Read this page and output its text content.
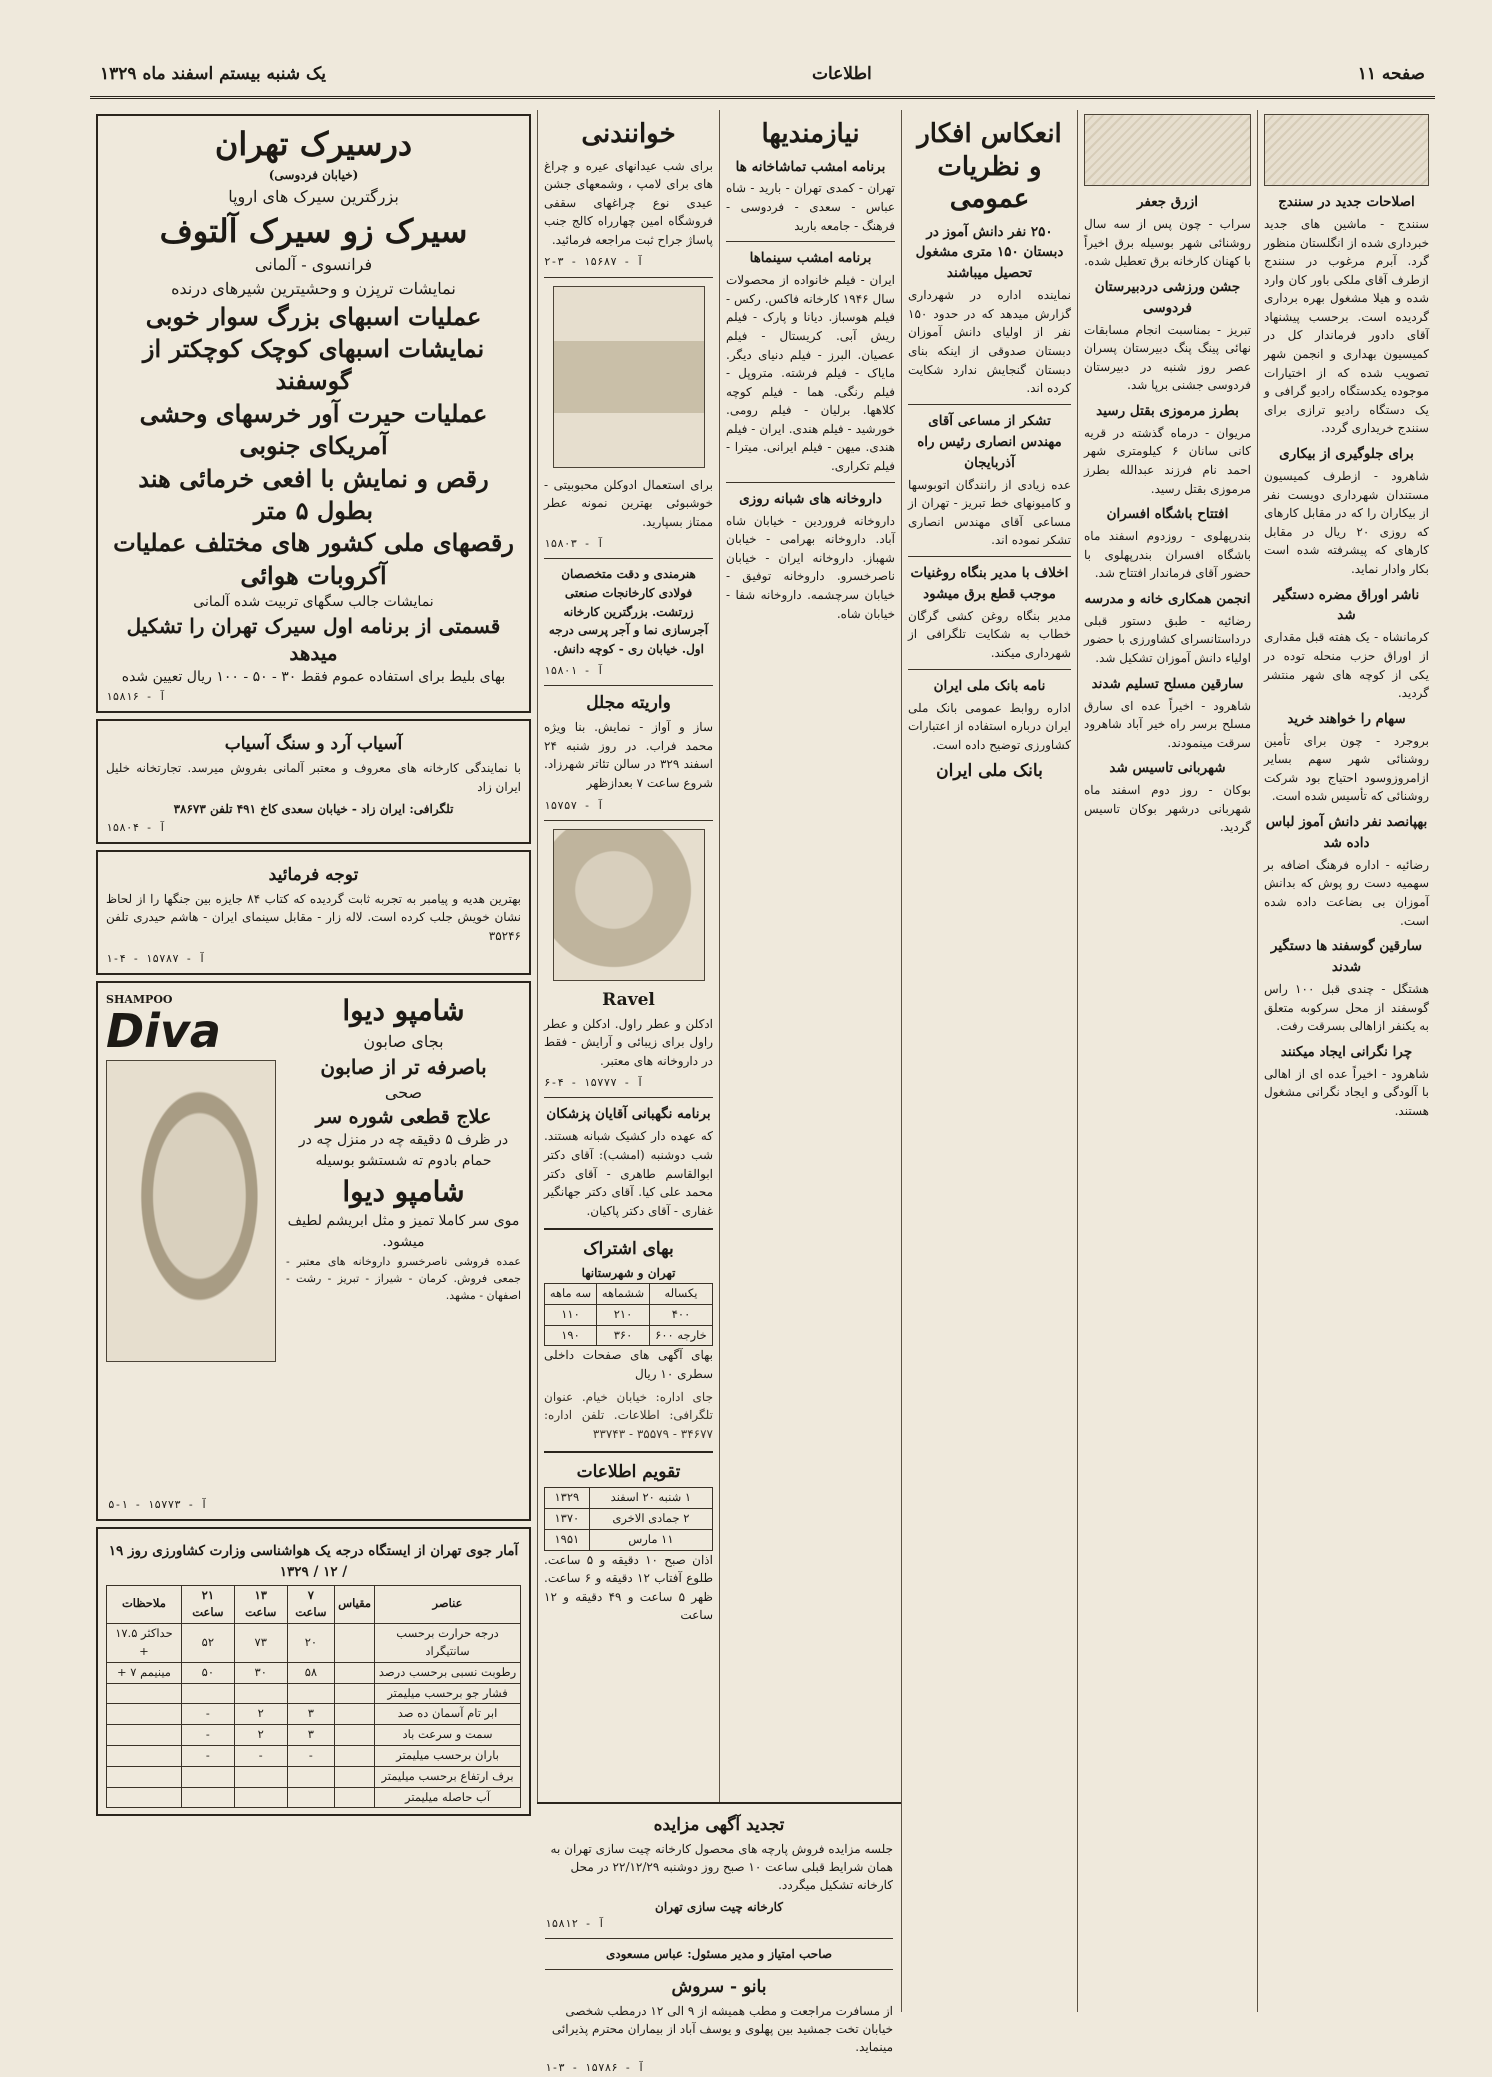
صفحه ۱۱
اطلاعات
یک شنبه بیستم اسفند ماه ۱۳۲۹
اصلاحات جدید در سنندج

سنندج - ماشین های جدید خبرداری شده از انگلستان منظور گرد. آبرم مرغوب در سنندج ازطرف آقای ملکی باور کان وارد شده و هیلا مشغول بهره برداری گردیده است. برحسب پیشنهاد آقای دادور فرماندار کل در کمیسیون بهداری و انجمن شهر تصویب شده که از اختیارات موجوده یکدستگاه رادیو گرافی و یک دستگاه رادیو ترازی برای سنندج خریداری گردد.

برای جلوگیری از بیکاری

شاهرود - ازطرف کمیسیون مستندان شهرداری دویست نفر از بیکاران را که در مقابل کارهای که روزی ۲۰ ریال در مقابل کارهای که پیشرفته شده است بکار وادار نماید.

ناشر اوراق مضره دستگیر شد

کرمانشاه - یک هفته قبل مقداری از اوراق حزب منحله توده در یکی از کوچه های شهر منتشر گردید.

سهام را خواهند خرید

بروجرد - چون برای تأمین روشنائی شهر سهم بسایر ازامروزوسود احتیاج بود شرکت روشنائی که تأسیس شده است.

بهپانصد نفر دانش آموز لباس داده شد

رضائیه - اداره فرهنگ اضافه بر سهمیه دست رو پوش که بدانش آموزان بی بضاعت داده شده است.

سارقین گوسفند ها دستگیر شدند

هشتگل - چندی قبل ۱۰۰ راس گوسفند از محل سرکوبه متعلق به یکنفر ازاهالی بسرقت رفت.

چرا نگرانی ایجاد میکنند

شاهرود - اخیراً عده ای از اهالی با آلودگی و ایجاد نگرانی مشغول هستند.

ازرق جعفر

سراب - چون پس از سه سال روشنائی شهر بوسیله برق اخیراً با کهنان کارخانه برق تعطیل شده.

جشن ورزشی دردبیرستان فردوسی

تبریز - بمناسبت انجام مسابقات نهائی پینگ پنگ دبیرستان پسران عصر روز شنبه در دبیرستان فردوسی جشنی برپا شد.

بطرز مرموزی بقتل رسید

مریوان - درماه گذشته در قریه کانی سانان ۶ کیلومتری شهر احمد نام فرزند عبدالله بطرز مرموزی بقتل رسید.

افتتاح باشگاه افسران

بندرپهلوی - روزدوم اسفند ماه باشگاه افسران بندرپهلوی با حضور آقای فرماندار افتتاح شد.

انجمن همکاری خانه و مدرسه

رضائیه - طبق دستور قبلی درداستانسرای کشاورزی با حضور اولیاء دانش آموزان تشکیل شد.

سارقین مسلح تسلیم شدند

شاهرود - اخیراً عده ای سارق مسلح برسر راه خیر آباد شاهرود سرقت مینمودند.

شهربانی تاسیس شد

بوکان - روز دوم اسفند ماه شهربانی درشهر بوکان تاسیس گردید.

انعکاس افکار و نظریات عمومی
۲۵۰ نفر دانش آموز در دبستان ۱۵۰ متری مشغول تحصیل میباشند

نماینده اداره در شهرداری گزارش میدهد که در حدود ۱۵۰ نفر از اولیای دانش آموزان دبستان صدوقی از اینکه بنای دبستان گنجایش ندارد شکایت کرده اند.

تشکر از مساعی آقای مهندس انصاری رئیس راه آذربایجان

عده زیادی از رانندگان اتوبوسها و کامیونهای خط تبریز - تهران از مساعی آقای مهندس انصاری تشکر نموده اند.

اخلاف با مدیر بنگاه روغنیات موجب قطع برق میشود

مدیر بنگاه روغن کشی گرگان خطاب به شکایت تلگرافی از شهرداری میکند.

نامه بانک ملی ایران

اداره روابط عمومی بانک ملی ایران درباره استفاده از اعتبارات کشاورزی توضیح داده است.

بانک ملی ایران
نیازمندیها
برنامه امشب تماشاخانه ها

تهران - کمدی تهران - بارید - شاه عباس - سعدی - فردوسی - فرهنگ - جامعه باربد

برنامه امشب سینماها

ایران - فیلم خانواده از محصولات سال ۱۹۴۶ کارخانه فاکس. رکس - فیلم هوسباز. دیانا و پارک - فیلم ریش آبی. کریستال - فیلم عصیان. البرز - فیلم دنیای دیگر. مایاک - فیلم فرشته. متروپل - فیلم رنگی. هما - فیلم کوچه کلاهها. برلیان - فیلم رومی. خورشید - فیلم هندی. ایران - فیلم هندی. میهن - فیلم ایرانی. میترا - فیلم تکراری.

داروخانه های شبانه روزی

داروخانه فروردین - خیابان شاه آباد. داروخانه بهرامی - خیابان شهباز. داروخانه ایران - خیابان ناصرخسرو. داروخانه توفیق - خیابان سرچشمه. داروخانه شفا - خیابان شاه.

خوانندنی

برای شب عیدانهای عیره و چراغ های برای لامپ ، وشمعهای جشن عیدی نوع چراغهای سقفی فروشگاه امین چهارراه کالج جنب پاساژ جراح ثبت مراجعه فرمائید.

آ - ۱۵۶۸۷ - ۳-۲

برای استعمال ادوکلن محبوبیتی - خوشبوئی بهترین نمونه عطر ممتاز بسپارید.

آ - ۱۵۸۰۳

هنرمندی و دقت متخصصان فولادی کارخانجات صنعتی زرتشت. بزرگترین کارخانه آجرسازی نما و آجر پرسی درجه اول. خیابان ری - کوچه دانش.

آ - ۱۵۸۰۱
واریته مجلل

ساز و آواز - نمایش. بنا ویژه محمد فراب. در روز شنبه ۲۴ اسفند ۳۲۹ در سالن تئاتر شهرزاد. شروع ساعت ۷ بعدازظهر

آ - ۱۵۷۵۷
Ravel

ادکلن و عطر راول. ادکلن و عطر راول برای زیبائی و آرایش - فقط در داروخانه های معتبر.

آ - ۱۵۷۷۷ - ۴-۶
برنامه نگهبانی آقایان پزشکان

که عهده دار کشیک شبانه هستند. شب دوشنبه (امشب): آقای دکتر ابوالقاسم طاهری - آقای دکتر محمد علی کیا. آقای دکتر جهانگیر غفاری - آقای دکتر پاکیان.

بهای اشتراک
تهران و شهرستانها
یکساله	ششماهه	سه ماهه
۴۰۰	۲۱۰	۱۱۰
خارجه ۶۰۰	۳۶۰	۱۹۰

بهای آگهی های صفحات داخلی سطری ۱۰ ریال

جای اداره: خیابان خیام. عنوان تلگرافی: اطلاعات. تلفن اداره: ۳۴۶۷۷ - ۳۵۵۷۹ - ۳۳۷۴۳

تقویم اطلاعات
۱ شنبه ۲۰ اسفند	۱۳۲۹
۲ جمادی الاخری	۱۳۷۰
۱۱ مارس	۱۹۵۱

اذان صبح ۱۰ دقیقه و ۵ ساعت. طلوع آفتاب ۱۲ دقیقه و ۶ ساعت. ظهر ۵ ساعت و ۴۹ دقیقه و ۱۲ ساعت

درسیرک تهران
(خیابان فردوسی)
بزرگترین سیرک های اروپا
سیرک زو سیرک آلتوف
فرانسوی - آلمانی
نمایشات ترپزن و وحشیترین شیرهای درنده
عملیات اسبهای بزرگ سوار خوبی
نمایشات اسبهای کوچک کوچکتر از گوسفند
عملیات حیرت آور خرسهای وحشی
آمریکای جنوبی
رقص و نمایش با افعی خرمائی هند بطول ۵ متر
رقصهای ملی کشور های مختلف عملیات آکروبات هوائی
نمایشات جالب سگهای تربیت شده آلمانی
قسمتی از برنامه اول سیرک تهران را تشکیل میدهد
بهای بلیط برای استفاده عموم فقط ۳۰ - ۵۰ - ۱۰۰ ریال تعیین شده
آ - ۱۵۸۱۶
آسیاب آرد و سنگ آسیاب

با نمایندگی کارخانه های معروف و معتبر آلمانی بفروش میرسد. تجارتخانه خلیل ایران زاد

تلگرافی: ایران زاد - خیابان سعدی کاخ ۴۹۱ تلفن ۳۸۶۷۳
آ - ۱۵۸۰۴
توجه فرمائید

بهترین هدیه و پیامبر به تجربه ثابت گردیده که کتاب ۸۴ جایزه بین جنگها را از لحاظ نشان خویش جلب کرده است. لاله زار - مقابل سینمای ایران - هاشم حیدری تلفن ۳۵۲۴۶

آ - ۱۵۷۸۷ - ۴-۱
SHAMPOO
Diva	شامپو دیوا
بجای صابون
باصرفه تر از صابون
صحی
علاج قطعی شوره سر
در ظرف ۵ دقیقه چه در منزل چه در حمام بادوم ته شستشو بوسیله
شامپو دیوا
موی سر کاملا تمیز و مثل ابریشم لطیف میشود.

عمده فروشی ناصرخسرو داروخانه های معتبر - جمعی فروش. کرمان - شیراز - تبریز - رشت - اصفهان - مشهد.

آ - ۱۵۷۷۳ - ۱-۵
آمار جوی تهران از ایستگاه درجه یک هواشناسی وزارت کشاورزی روز ۱۹ / ۱۲ / ۱۳۲۹
عناصر	مقیاس	۷ ساعت	۱۳ ساعت	۲۱ ساعت	ملاحظات
درجه حرارت برحسب سانتیگراد		۲۰	۷۳	۵۲	حداکثر ۱۷.۵ +
رطوبت نسبی برحسب درصد		۵۸	۳۰	۵۰	مینیمم ۷ +
فشار جو برحسب میلیمتر					
ابر تام آسمان ده صد		۳	۲	-	
سمت و سرعت باد		۳	۲	-	
باران برحسب میلیمتر		-	-	-	
برف ارتفاع برحسب میلیمتر					
آب حاصله میلیمتر					
تجدید آگهی مزایده

جلسه مزایده فروش پارچه های محصول کارخانه چیت سازی تهران به همان شرایط قبلی ساعت ۱۰ صبح روز دوشنبه ۲۲/۱۲/۲۹ در محل کارخانه تشکیل میگردد.

کارخانه چیت سازی تهران
آ - ۱۵۸۱۲
صاحب امتیاز و مدیر مسئول: عباس مسعودی
بانو - سروش

از مسافرت مراجعت و مطب همیشه از ۹ الی ۱۲ درمطب شخصی خیابان تخت جمشید بین پهلوی و یوسف آباد از بیماران محترم پذیرائی مینماید.

آ - ۱۵۷۸۶ - ۳-۱
